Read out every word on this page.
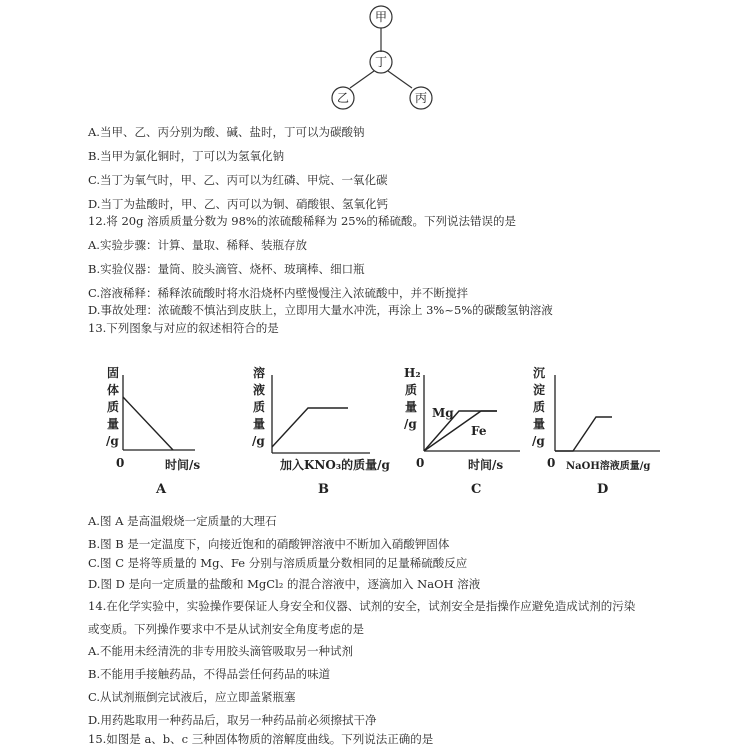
甲
丁
乙	丙
A.当甲、乙、丙分别为酸、碱、盐时，丁可以为碳酸钠
B.当甲为氯化铜时，丁可以为氢氧化钠
C.当丁为氧气时，甲、乙、丙可以为红磷、甲烷、一氧化碳
D.当丁为盐酸时，甲、乙、丙可以为铜、硝酸银、氢氧化钙
12.将 20g 溶质质量分数为 98%的浓硫酸稀释为 25%的稀硫酸。下列说法错误的是
A.实验步骤：计算、量取、稀释、装瓶存放
B.实验仪器：量筒、胶头滴管、烧杯、玻璃棒、细口瓶
C.溶液稀释：稀释浓硫酸时将水沿烧杯内壁慢慢注入浓硫酸中，并不断搅拌
D.事故处理：浓硫酸不慎沾到皮肤上，立即用大量水冲洗，再涂上 3%~5%的碳酸氢钠溶液
13.下列图象与对应的叙述相符合的是
固
体
质
量
/g
0	时间/s
A
溶
液
质
量
/g
加入KNO₃的质量/g
B
H₂
质
量
/g
Mg
Fe
0	时间/s
C
沉
淀
质
量
/g
0 NaOH溶液质量/g
D
A.图 A 是高温煅烧一定质量的大理石
B.图 B 是一定温度下，向接近饱和的硝酸钾溶液中不断加入硝酸钾固体
C.图 C 是将等质量的 Mg、Fe 分别与溶质质量分数相同的足量稀硫酸反应
D.图 D 是向一定质量的盐酸和 MgCl₂ 的混合溶液中，逐滴加入 NaOH 溶液
14.在化学实验中，实验操作要保证人身安全和仪器、试剂的安全，试剂安全是指操作应避免造成试剂的污染
或变质。下列操作要求中不是从试剂安全角度考虑的是
A.不能用未经清洗的非专用胶头滴管吸取另一种试剂
B.不能用手接触药品，不得品尝任何药品的味道
C.从试剂瓶倒完试液后，应立即盖紧瓶塞
D.用药匙取用一种药品后，取另一种药品前必须擦拭干净
15.如图是 a、b、c 三种固体物质的溶解度曲线。下列说法正确的是
